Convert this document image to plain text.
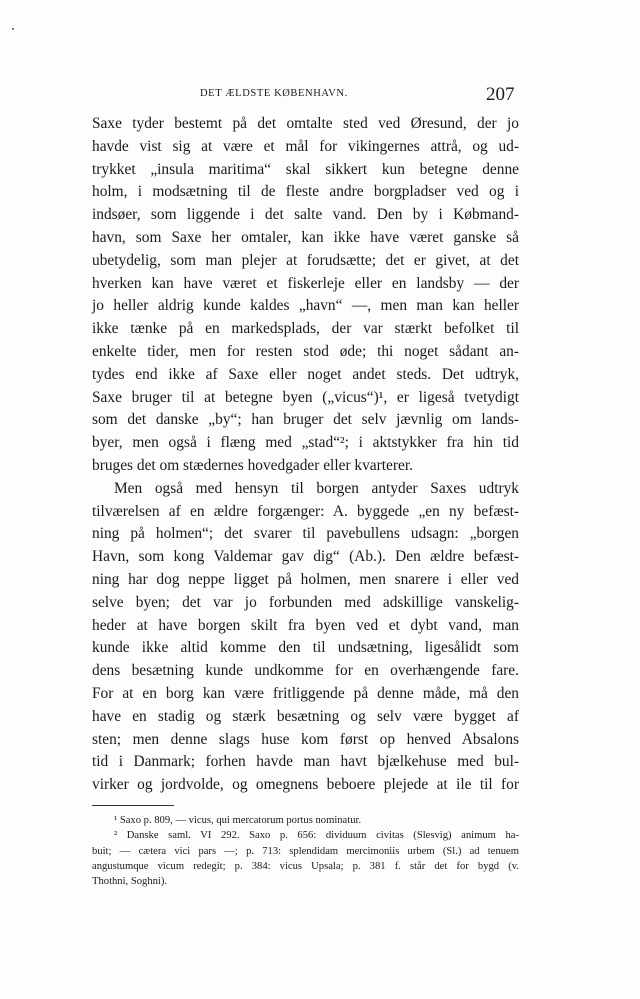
DET ÆLDSTE KØBENHAVN.	207
Saxe tyder bestemt på det omtalte sted ved Øresund, der jo
havde vist sig at være et mål for vikingernes attrå, og ud-
trykket „insula maritima“ skal sikkert kun betegne denne
holm, i modsætning til de fleste andre borgpladser ved og i
indsøer, som liggende i det salte vand. Den by i Købmand-
havn, som Saxe her omtaler, kan ikke have været ganske så
ubetydelig, som man plejer at forudsætte; det er givet, at det
hverken kan have været et fiskerleje eller en landsby — der
jo heller aldrig kunde kaldes „havn“ —, men man kan heller
ikke tænke på en markedsplads, der var stærkt befolket til
enkelte tider, men for resten stod øde; thi noget sådant an-
tydes end ikke af Saxe eller noget andet steds. Det udtryk,
Saxe bruger til at betegne byen („vicus“)¹, er ligeså tvetydigt
som det danske „by“; han bruger det selv jævnlig om lands-
byer, men også i flæng med „stad“²; i aktstykker fra hin tid
bruges det om stædernes hovedgader eller kvarterer.
Men også med hensyn til borgen antyder Saxes udtryk
tilværelsen af en ældre forgænger: A. byggede „en ny befæst-
ning på holmen“; det svarer til pavebullens udsagn: „borgen
Havn, som kong Valdemar gav dig“ (Ab.). Den ældre befæst-
ning har dog neppe ligget på holmen, men snarere i eller ved
selve byen; det var jo forbunden med adskillige vanskelig-
heder at have borgen skilt fra byen ved et dybt vand, man
kunde ikke altid komme den til undsætning, ligesålidt som
dens besætning kunde undkomme for en overhængende fare.
For at en borg kan være fritliggende på denne måde, må den
have en stadig og stærk besætning og selv være bygget af
sten; men denne slags huse kom først op henved Absalons
tid i Danmark; forhen havde man havt bjælkehuse med bul-
virker og jordvolde, og omegnens beboere plejede at ile til for
¹ Saxo p. 809, — vicus, qui mercatorum portus nominatur.
² Danske saml. VI 292. Saxo p. 656: dividuum civitas (Slesvig) animum ha-
buit; — cætera vici pars —; p. 713: splendidam mercimoniis urbem (Sl.) ad tenuem
angustumque vicum redegit; p. 384: vicus Upsala; p. 381 f. står det for bygd (v.
Thothni, Soghni).
